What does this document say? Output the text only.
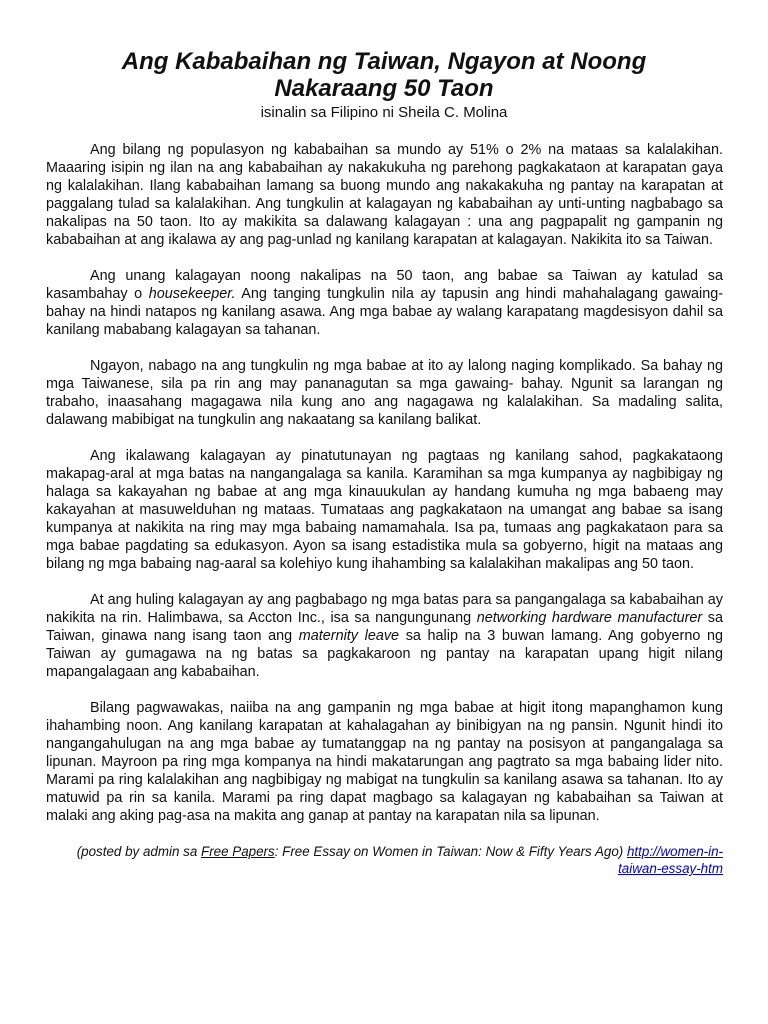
Ang Kababaihan ng Taiwan, Ngayon at Noong
Nakaraang 50 Taon

isinalin sa Filipino ni Sheila C. Molina

Ang bilang ng populasyon ng kababaihan sa mundo ay 51% o 2% na mataas sa kalalakihan. Maaaring isipin ng ilan na ang kababaihan ay nakakukuha ng parehong pagkakataon at karapatan gaya ng kalalakihan. Ilang kababaihan lamang sa buong mundo ang nakakakuha ng pantay na karapatan at paggalang tulad sa kalalakihan. Ang tungkulin at kalagayan ng kababaihan ay unti-unting nagbabago sa nakalipas na 50 taon. Ito ay makikita sa dalawang kalagayan : una ang pagpapalit ng gampanin ng kababaihan at ang ikalawa ay ang pag-unlad ng kanilang karapatan at kalagayan. Nakikita ito sa Taiwan.

Ang unang kalagayan noong nakalipas na 50 taon, ang babae sa Taiwan ay katulad sa kasambahay o housekeeper. Ang tanging tungkulin nila ay tapusin ang hindi mahahalagang gawaing-bahay na hindi natapos ng kanilang asawa. Ang mga babae ay walang karapatang magdesisyon dahil sa kanilang mababang kalagayan sa tahanan.

Ngayon, nabago na ang tungkulin ng mga babae at ito ay lalong naging komplikado. Sa bahay ng mga Taiwanese, sila pa rin ang may pananagutan sa mga gawaing- bahay. Ngunit sa larangan ng trabaho, inaasahang magagawa nila kung ano ang nagagawa ng kalalakihan. Sa madaling salita, dalawang mabibigat na tungkulin ang nakaatang sa kanilang balikat.

Ang ikalawang kalagayan ay pinatutunayan ng pagtaas ng kanilang sahod, pagkakataong makapag-aral at mga batas na nangangalaga sa kanila. Karamihan sa mga kumpanya ay nagbibigay ng halaga sa kakayahan ng babae at ang mga kinauukulan ay handang kumuha ng mga babaeng may kakayahan at masuwelduhan ng mataas. Tumataas ang pagkakataon na umangat ang babae sa isang kumpanya at nakikita na ring may mga babaing namamahala. Isa pa, tumaas ang pagkakataon para sa mga babae pagdating sa edukasyon. Ayon sa isang estadistika mula sa gobyerno, higit na mataas ang bilang ng mga babaing nag-aaral sa kolehiyo kung ihahambing sa kalalakihan makalipas ang 50 taon.

At ang huling kalagayan ay ang pagbabago ng mga batas para sa pangangalaga sa kababaihan ay nakikita na rin. Halimbawa, sa Accton Inc., isa sa nangungunang networking hardware manufacturer sa Taiwan, ginawa nang isang taon ang maternity leave sa halip na 3 buwan lamang. Ang gobyerno ng Taiwan ay gumagawa na ng batas sa pagkakaroon ng pantay na karapatan upang higit nilang mapangalagaan ang kababaihan.

Bilang pagwawakas, naiiba na ang gampanin ng mga babae at higit itong mapanghamon kung ihahambing noon. Ang kanilang karapatan at kahalagahan ay binibigyan na ng pansin. Ngunit hindi ito nangangahulugan na ang mga babae ay tumatanggap na ng pantay na posisyon at pangangalaga sa lipunan. Mayroon pa ring mga kompanya na hindi makatarungan ang pagtrato sa mga babaing lider nito. Marami pa ring kalalakihan ang nagbibigay ng mabigat na tungkulin sa kanilang asawa sa tahanan. Ito ay matuwid pa rin sa kanila. Marami pa ring dapat magbago sa kalagayan ng kababaihan sa Taiwan at malaki ang aking pag-asa na makita ang ganap at pantay na karapatan nila sa lipunan.

(posted by admin sa Free Papers: Free Essay on Women in Taiwan: Now & Fifty Years Ago) http://women-in-
taiwan-essay-htm
